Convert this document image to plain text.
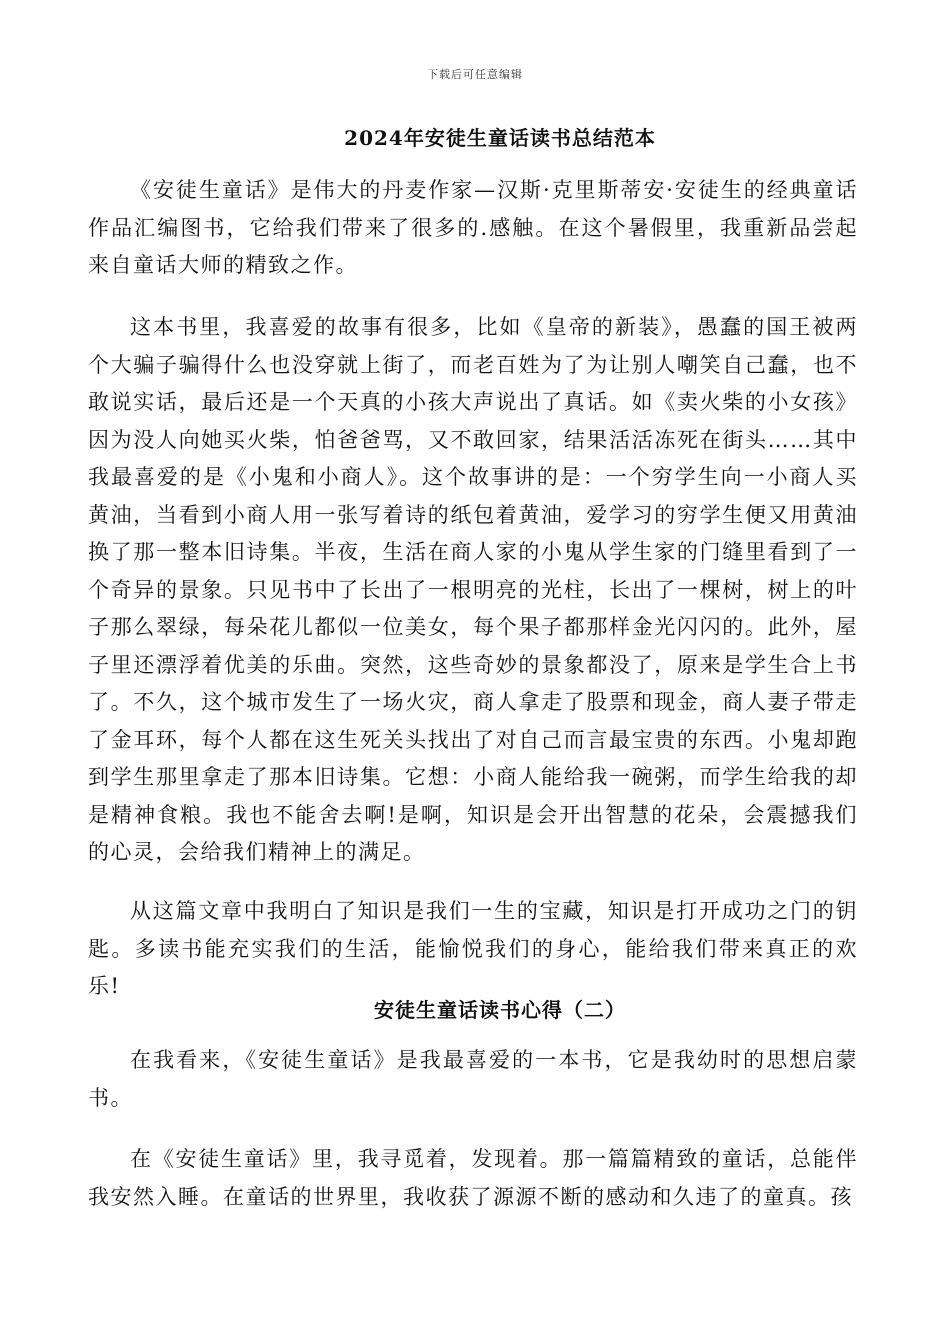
下载后可任意编辑
2024年安徒生童话读书总结范本

《安徒生童话》是伟大的丹麦作家—汉斯·克里斯蒂安·安徒生的经典童话作品汇编图书，它给我们带来了很多的.感触。在这个暑假里，我重新品尝起来自童话大师的精致之作。

这本书里，我喜爱的故事有很多，比如《皇帝的新装》，愚蠢的国王被两个大骗子骗得什么也没穿就上街了，而老百姓为了为让别人嘲笑自己蠢，也不敢说实话，最后还是一个天真的小孩大声说出了真话。如《卖火柴的小女孩》因为没人向她买火柴，怕爸爸骂，又不敢回家，结果活活冻死在街头……其中我最喜爱的是《小鬼和小商人》。这个故事讲的是：一个穷学生向一小商人买黄油，当看到小商人用一张写着诗的纸包着黄油，爱学习的穷学生便又用黄油换了那一整本旧诗集。半夜，生活在商人家的小鬼从学生家的门缝里看到了一个奇异的景象。只见书中了长出了一根明亮的光柱，长出了一棵树，树上的叶子那么翠绿，每朵花儿都似一位美女，每个果子都那样金光闪闪的。此外，屋子里还漂浮着优美的乐曲。突然，这些奇妙的景象都没了，原来是学生合上书了。不久，这个城市发生了一场火灾，商人拿走了股票和现金，商人妻子带走了金耳环，每个人都在这生死关头找出了对自己而言最宝贵的东西。小鬼却跑到学生那里拿走了那本旧诗集。它想：小商人能给我一碗粥，而学生给我的却是精神食粮。我也不能舍去啊!是啊，知识是会开出智慧的花朵，会震撼我们的心灵，会给我们精神上的满足。

从这篇文章中我明白了知识是我们一生的宝藏，知识是打开成功之门的钥匙。多读书能充实我们的生活，能愉悦我们的身心，能给我们带来真正的欢乐!

安徒生童话读书心得（二）

在我看来，《安徒生童话》是我最喜爱的一本书，它是我幼时的思想启蒙书。

在《安徒生童话》里，我寻觅着，发现着。那一篇篇精致的童话，总能伴我安然入睡。在童话的世界里，我收获了源源不断的感动和久违了的童真。孩
